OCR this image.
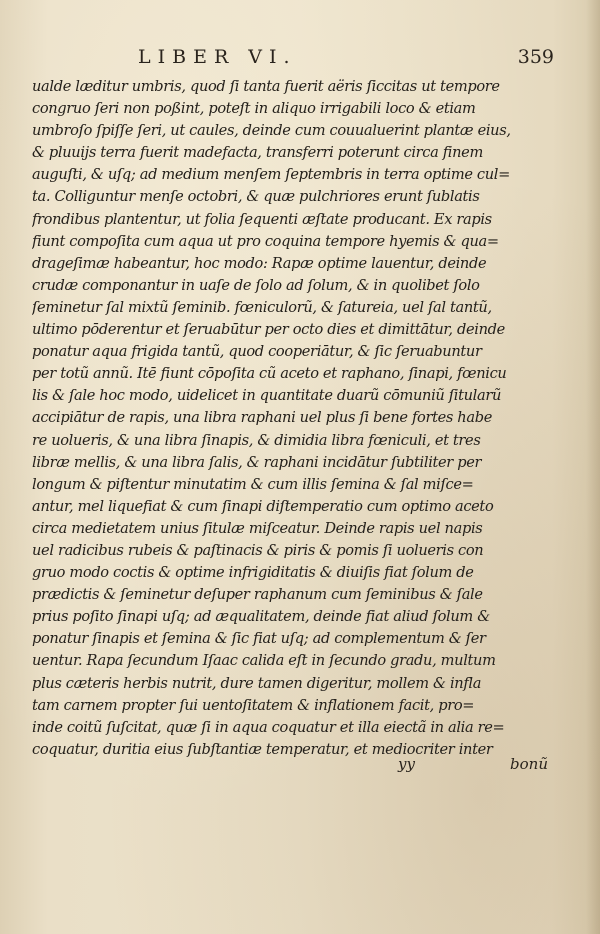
LIBER VI.	359
ualde læditur umbris, quod ſi tanta fuerit aëris ſiccitas ut tempore
congruo ſeri non poßint, poteſt in aliquo irrigabili loco & etiam
umbroſo ſpiſſe ſeri, ut caules, deinde cum couualuerint plantæ eius,
& pluuijs terra fuerit madefacta, transferri poterunt circa finem
auguſti, & uſq; ad medium menſem ſeptembris in terra optime cul=
ta. Colliguntur menſe octobri, & quæ pulchriores erunt ſublatis
frondibus plantentur, ut folia ſequenti æſtate producant. Ex rapis
fiunt compoſita cum aqua ut pro coquina tempore hyemis & qua=
drageſimæ habeantur, hoc modo: Rapæ optime lauentur, deinde
crudæ componantur in uaſe de ſolo ad ſolum, & in quolibet ſolo
ſeminetur ſal mixtũ ſeminib. fœniculorũ, & ſatureia, uel ſal tantũ,
ultimo pōderentur et ſeruabūtur per octo dies et dimittātur, deinde
ponatur aqua frigida tantũ, quod cooperiātur, & ſic ſeruabuntur
per totũ annũ. Itē fiunt cōpoſita cũ aceto et raphano, ſinapi, fœnicu
lis & ſale hoc modo, uidelicet in quantitate duarũ cōmuniũ ſitularũ
accipiātur de rapis, una libra raphani uel plus ſi bene fortes habe
re uolueris, & una libra ſinapis, & dimidia libra fœniculi, et tres
libræ mellis, & una libra ſalis, & raphani incidātur ſubtiliter per
longum & piſtentur minutatim & cum illis ſemina & ſal miſce=
antur, mel liquefiat & cum ſinapi diſtemperatio cum optimo aceto
circa medietatem unius ſitulæ miſceatur. Deinde rapis uel napis
uel radicibus rubeis & paſtinacis & piris & pomis ſi uolueris con
gruo modo coctis & optime infrigiditatis & diuiſis fiat ſolum de
prædictis & ſeminetur deſuper raphanum cum ſeminibus & ſale
prius poſito ſinapi uſq; ad æqualitatem, deinde fiat aliud ſolum &
ponatur ſinapis et ſemina & ſic fiat uſq; ad complementum & ſer
uentur. Rapa ſecundum Iſaac calida eſt in ſecundo gradu, multum
plus cæteris herbis nutrit, dure tamen digeritur, mollem & infla
tam carnem propter ſui uentoſitatem & inflationem facit, pro=
inde coitũ ſuſcitat, quæ ſi in aqua coquatur et illa eiectã in alia re=
coquatur, duritia eius ſubſtantiæ temperatur, et mediocriter inter
yy	bonũ
